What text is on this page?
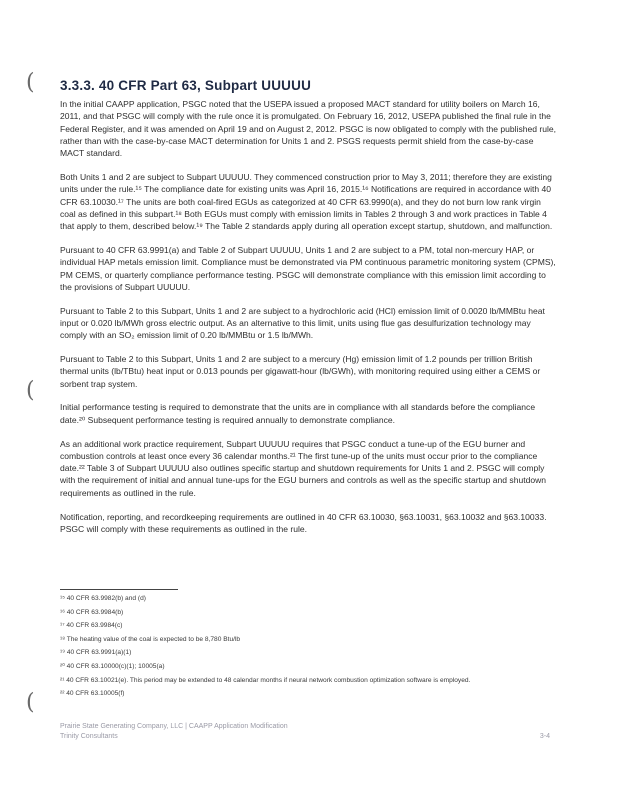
(
(
(
3.3.3. 40 CFR Part 63, Subpart UUUUU

In the initial CAAPP application, PSGC noted that the USEPA issued a proposed MACT standard for utility boilers on March 16, 2011, and that PSGC will comply with the rule once it is promulgated. On February 16, 2012, USEPA published the final rule in the Federal Register, and it was amended on April 19 and on August 2, 2012. PSGC is now obligated to comply with the published rule, rather than with the case-by-case MACT determination for Units 1 and 2. PSGS requests permit shield from the case-by-case MACT standard.

Both Units 1 and 2 are subject to Subpart UUUUU. They commenced construction prior to May 3, 2011; therefore they are existing units under the rule.¹⁵ The compliance date for existing units was April 16, 2015.¹⁶ Notifications are required in accordance with 40 CFR 63.10030.¹⁷ The units are both coal-fired EGUs as categorized at 40 CFR 63.9990(a), and they do not burn low rank virgin coal as defined in this subpart.¹⁸ Both EGUs must comply with emission limits in Tables 2 through 3 and work practices in Table 4 that apply to them, described below.¹⁹ The Table 2 standards apply during all operation except startup, shutdown, and malfunction.

Pursuant to 40 CFR 63.9991(a) and Table 2 of Subpart UUUUU, Units 1 and 2 are subject to a PM, total non-mercury HAP, or individual HAP metals emission limit. Compliance must be demonstrated via PM continuous parametric monitoring system (CPMS), PM CEMS, or quarterly compliance performance testing. PSGC will demonstrate compliance with this emission limit according to the provisions of Subpart UUUUU.

Pursuant to Table 2 to this Subpart, Units 1 and 2 are subject to a hydrochloric acid (HCl) emission limit of 0.0020 lb/MMBtu heat input or 0.020 lb/MWh gross electric output. As an alternative to this limit, units using flue gas desulfurization technology may comply with an SO₂ emission limit of 0.20 lb/MMBtu or 1.5 lb/MWh.

Pursuant to Table 2 to this Subpart, Units 1 and 2 are subject to a mercury (Hg) emission limit of 1.2 pounds per trillion British thermal units (lb/TBtu) heat input or 0.013 pounds per gigawatt-hour (lb/GWh), with monitoring required using either a CEMS or sorbent trap system.

Initial performance testing is required to demonstrate that the units are in compliance with all standards before the compliance date.²⁰ Subsequent performance testing is required annually to demonstrate compliance.

As an additional work practice requirement, Subpart UUUUU requires that PSGC conduct a tune-up of the EGU burner and combustion controls at least once every 36 calendar months.²¹ The first tune-up of the units must occur prior to the compliance date.²² Table 3 of Subpart UUUUU also outlines specific startup and shutdown requirements for Units 1 and 2. PSGC will comply with the requirement of initial and annual tune-ups for the EGU burners and controls as well as the specific startup and shutdown requirements as outlined in the rule.

Notification, reporting, and recordkeeping requirements are outlined in 40 CFR 63.10030, §63.10031, §63.10032 and §63.10033. PSGC will comply with these requirements as outlined in the rule.

¹⁵ 40 CFR 63.9982(b) and (d)
¹⁶ 40 CFR 63.9984(b)
¹⁷ 40 CFR 63.9984(c)
¹⁸ The heating value of the coal is expected to be 8,780 Btu/lb
¹⁹ 40 CFR 63.9991(a)(1)
²⁰ 40 CFR 63.10000(c)(1); 10005(a)
²¹ 40 CFR 63.10021(e). This period may be extended to 48 calendar months if neural network combustion optimization software is employed.
²² 40 CFR 63.10005(f)
Prairie State Generating Company, LLC | CAAPP Application Modification
Trinity Consultants	3-4
